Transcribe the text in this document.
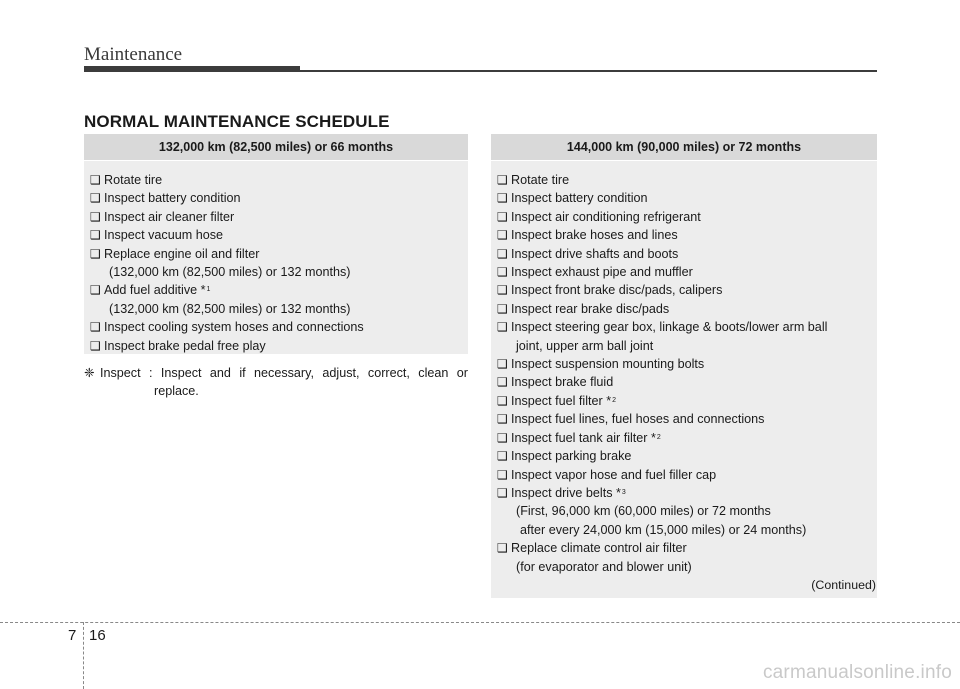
Maintenance
NORMAL MAINTENANCE SCHEDULE
132,000 km (82,500 miles) or 66 months
❑ Rotate tire
❑ Inspect battery condition
❑ Inspect air cleaner filter
❑ Inspect vacuum hose
❑ Replace engine oil and filter
(132,000 km (82,500 miles) or 132 months)
❑ Add fuel additive * 1
(132,000 km (82,500 miles) or 132 months)
❑ Inspect cooling system hoses and connections
❑ Inspect brake pedal free play
❈ Inspect : Inspect and if necessary, adjust, correct, clean or
replace.
144,000 km (90,000 miles) or 72 months
❑ Rotate tire
❑ Inspect battery condition
❑ Inspect air conditioning refrigerant
❑ Inspect brake hoses and lines
❑ Inspect drive shafts and boots
❑ Inspect exhaust pipe and muffler
❑ Inspect front brake disc/pads, calipers
❑ Inspect rear brake disc/pads
❑ Inspect steering gear box, linkage & boots/lower arm ball
joint, upper arm ball joint
❑ Inspect suspension mounting bolts
❑ Inspect brake fluid
❑ Inspect fuel filter * 2
❑ Inspect fuel lines, fuel hoses and connections
❑ Inspect fuel tank air filter * 2
❑ Inspect parking brake
❑ Inspect vapor hose and fuel filler cap
❑ Inspect drive belts * 3
(First, 96,000 km (60,000 miles) or 72 months
after every 24,000 km (15,000 miles) or 24 months)
❑ Replace climate control air filter
(for evaporator and blower unit)
(Continued)
7 16
carmanualsonline.info
